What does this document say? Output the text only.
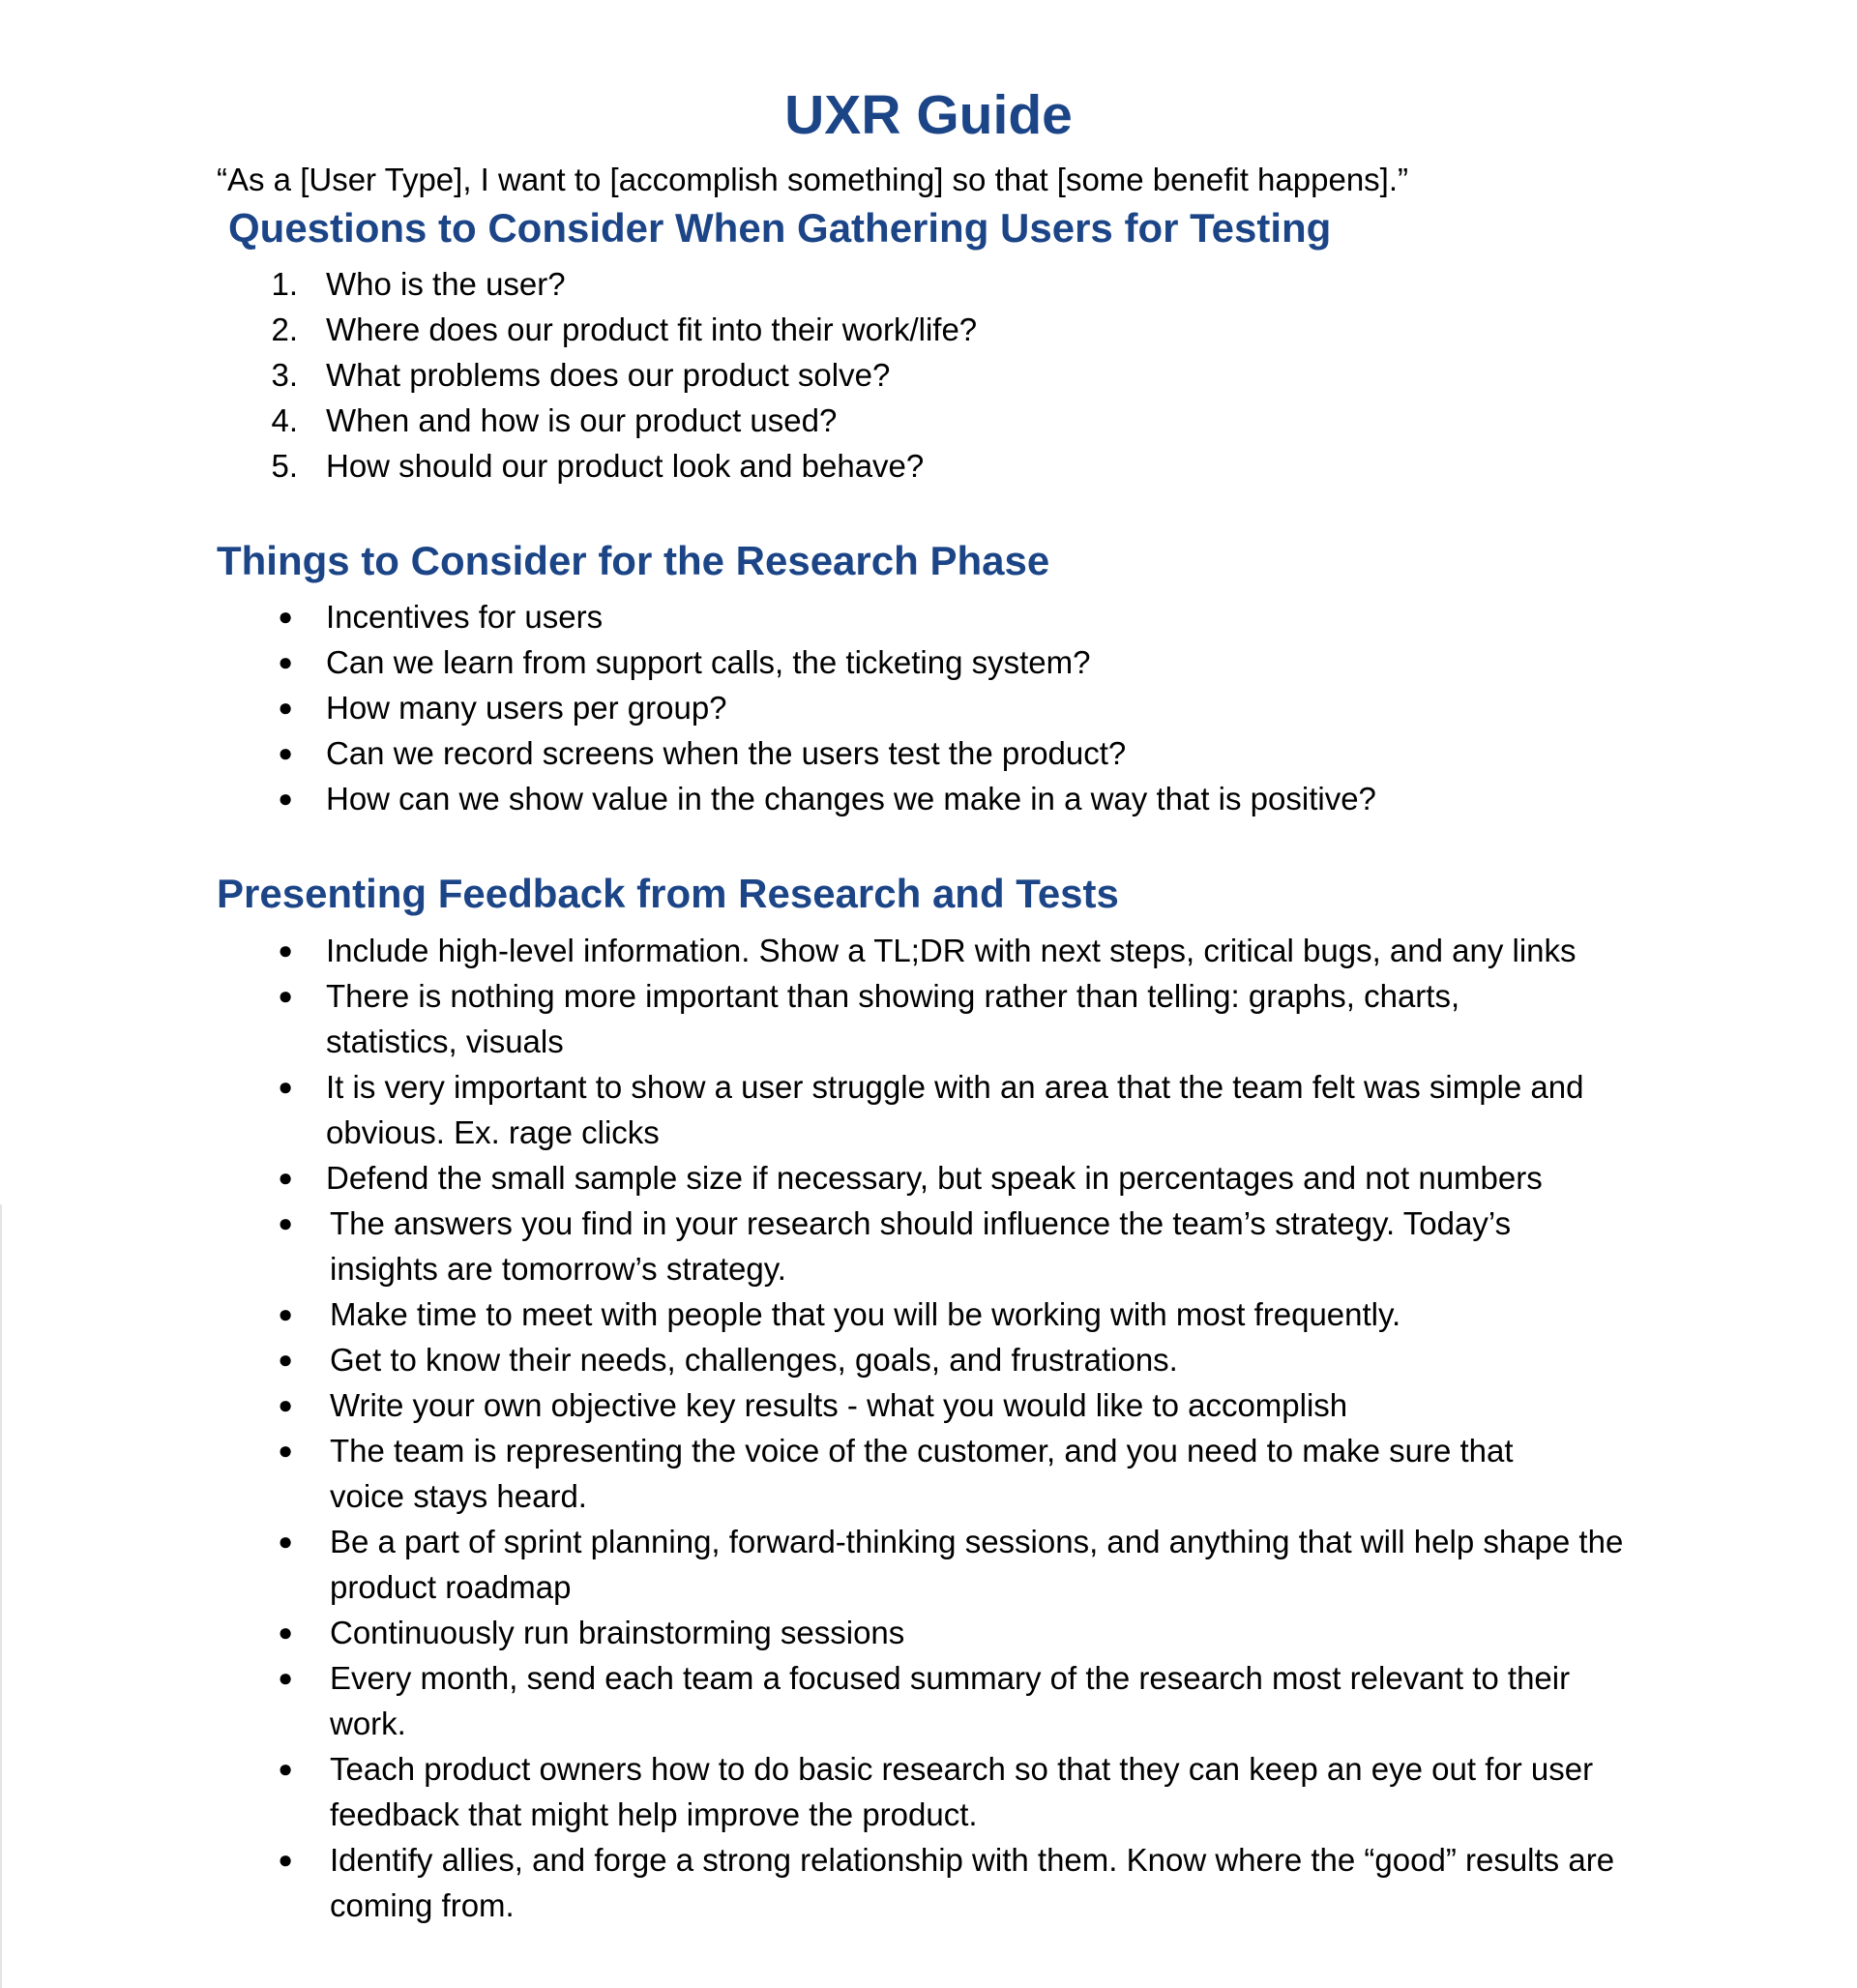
UXR Guide

“As a [User Type], I want to [accomplish something] so that [some benefit happens].”

Questions to Consider When Gathering Users for Testing
1. Who is the user?
2. Where does our product fit into their work/life?
3. What problems does our product solve?
4. When and how is our product used?
5. How should our product look and behave?
Things to Consider for the Research Phase
● Incentives for users
● Can we learn from support calls, the ticketing system?
● How many users per group?
● Can we record screens when the users test the product?
● How can we show value in the changes we make in a way that is positive?
Presenting Feedback from Research and Tests
● Include high-level information. Show a TL;DR with next steps, critical bugs, and any links
● There is nothing more important than showing rather than telling: graphs, charts, statistics, visuals
● It is very important to show a user struggle with an area that the team felt was simple and obvious. Ex. rage clicks
● Defend the small sample size if necessary, but speak in percentages and not numbers
● The answers you find in your research should influence the team’s strategy. Today’s insights are tomorrow’s strategy.
● Make time to meet with people that you will be working with most frequently.
● Get to know their needs, challenges, goals, and frustrations.
● Write your own objective key results - what you would like to accomplish
● The team is representing the voice of the customer, and you need to make sure that voice stays heard.
● Be a part of sprint planning, forward-thinking sessions, and anything that will help shape the product roadmap
● Continuously run brainstorming sessions
● Every month, send each team a focused summary of the research most relevant to their work.
● Teach product owners how to do basic research so that they can keep an eye out for user feedback that might help improve the product.
● Identify allies, and forge a strong relationship with them. Know where the “good” results are coming from.
